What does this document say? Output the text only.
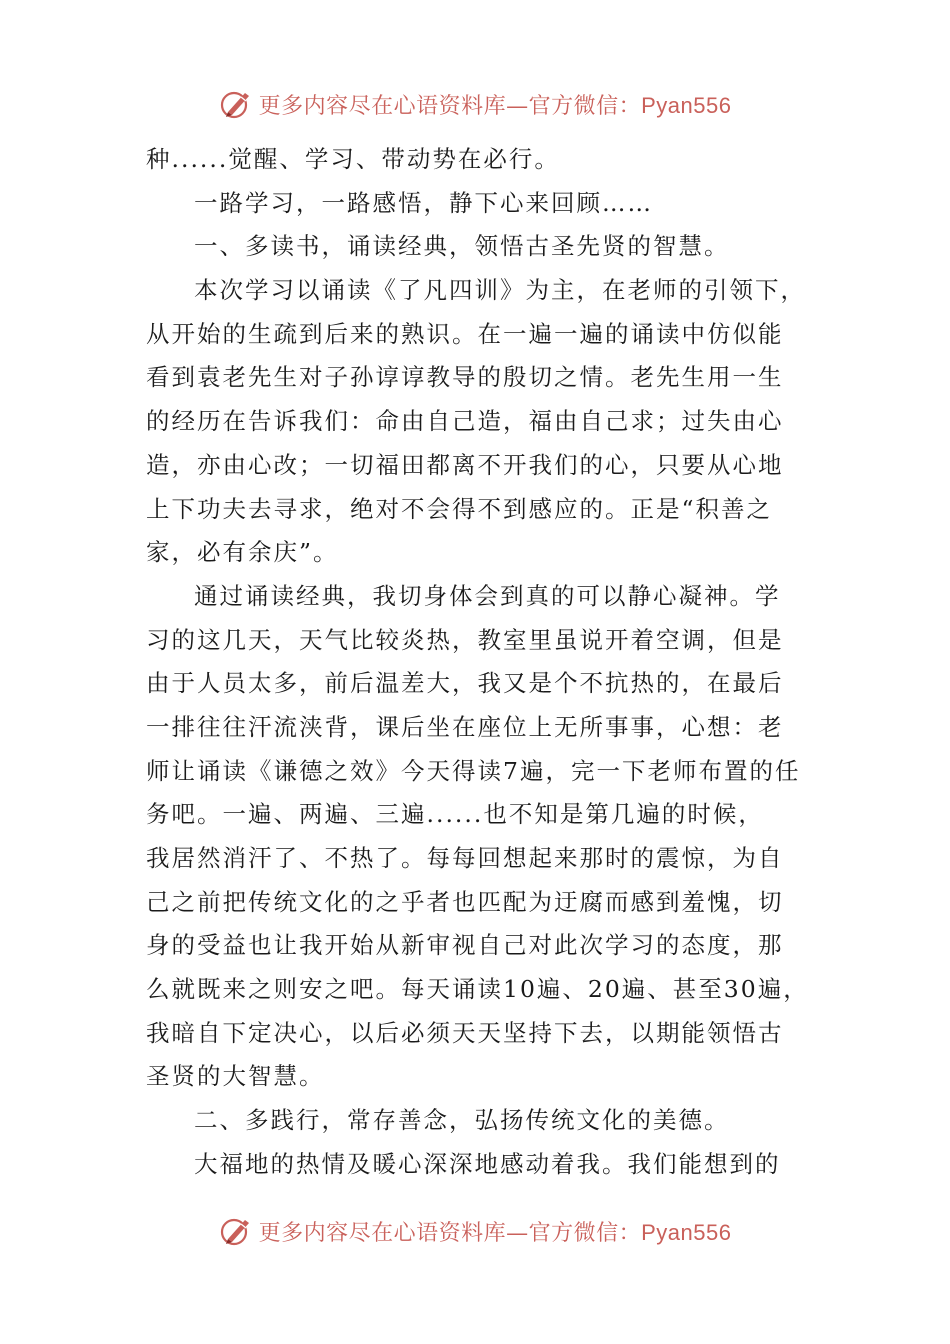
更多内容尽在心语资料库—官方微信：Pyan556
种......觉醒、学习、带动势在必行。
一路学习，一路感悟，静下心来回顾……
一、多读书，诵读经典，领悟古圣先贤的智慧。
本次学习以诵读《了凡四训》为主，在老师的引领下，
从开始的生疏到后来的熟识。在一遍一遍的诵读中仿似能
看到袁老先生对子孙谆谆教导的殷切之情。老先生用一生
的经历在告诉我们：命由自己造，福由自己求；过失由心
造，亦由心改；一切福田都离不开我们的心，只要从心地
上下功夫去寻求，绝对不会得不到感应的。正是“积善之
家，必有余庆”。
通过诵读经典，我切身体会到真的可以静心凝神。学
习的这几天，天气比较炎热，教室里虽说开着空调，但是
由于人员太多，前后温差大，我又是个不抗热的，在最后
一排往往汗流浃背，课后坐在座位上无所事事，心想：老
师让诵读《谦德之效》今天得读7遍，完一下老师布置的任
务吧。一遍、两遍、三遍......也不知是第几遍的时候，
我居然消汗了、不热了。每每回想起来那时的震惊，为自
己之前把传统文化的之乎者也匹配为迂腐而感到羞愧，切
身的受益也让我开始从新审视自己对此次学习的态度，那
么就既来之则安之吧。每天诵读10遍、20遍、甚至30遍，
我暗自下定决心，以后必须天天坚持下去，以期能领悟古
圣贤的大智慧。
二、多践行，常存善念，弘扬传统文化的美德。
大福地的热情及暖心深深地感动着我。我们能想到的
更多内容尽在心语资料库—官方微信：Pyan556
